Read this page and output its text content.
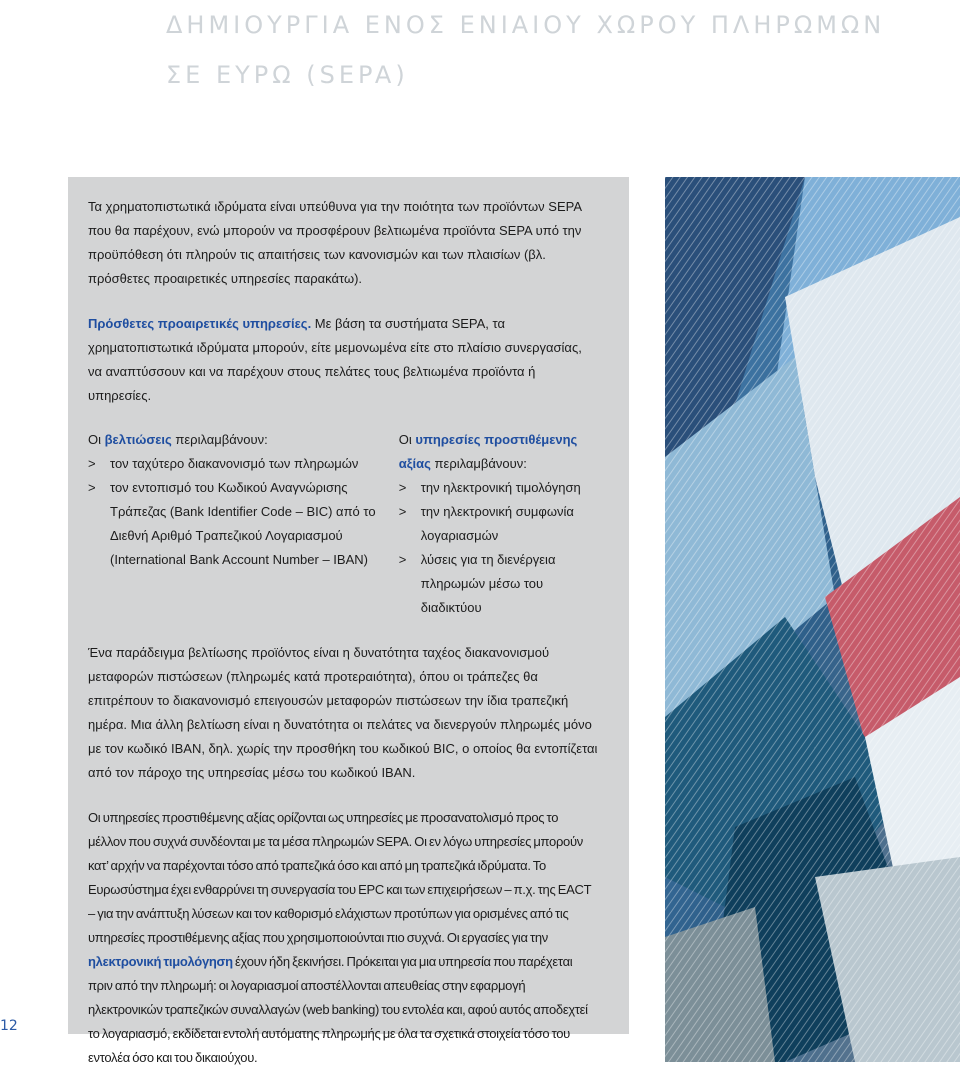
ΔΗΜΙΟΥΡΓΙΑ ΕΝΟΣ ΕΝΙΑΙΟΥ ΧΩΡΟΥ ΠΛΗΡΩΜΩΝ ΣΕ ΕΥΡΩ (SEPA)

Τα χρηματοπιστωτικά ιδρύματα είναι υπεύθυνα για την ποιότητα των προϊόντων SEPA που θα παρέχουν, ενώ μπορούν να προσφέρουν βελτιωμένα προϊόντα SEPA υπό την προϋπόθεση ότι πληρούν τις απαιτήσεις των κανονισμών και των πλαισίων (βλ. πρόσθετες προαιρετικές υπηρεσίες παρακάτω).

Πρόσθετες προαιρετικές υπηρεσίες. Με βάση τα συστήματα SEPA, τα χρηματοπιστωτικά ιδρύματα μπορούν, είτε μεμονωμένα είτε στο πλαίσιο συνεργασίας, να αναπτύσσουν και να παρέχουν στους πελάτες τους βελτιωμένα προϊόντα ή υπηρεσίες.

Οι βελτιώσεις περιλαμβάνουν:

> τον ταχύτερο διακανονισμό των πληρωμών
> τον εντοπισμό του Κωδικού Αναγνώρισης Τράπεζας (Bank Identifier Code – BIC) από το Διεθνή Αριθμό Τραπεζικού Λογαριασμού (International Bank Account Number – IBAN)

Οι υπηρεσίες προστιθέμενης αξίας περιλαμβάνουν:

> την ηλεκτρονική τιμολόγηση
> την ηλεκτρονική συμφωνία λογαριασμών
> λύσεις για τη διενέργεια πληρωμών μέσω του διαδικτύου

Ένα παράδειγμα βελτίωσης προϊόντος είναι η δυνατότητα ταχέος διακανονισμού μεταφορών πιστώσεων (πληρωμές κατά προτεραιότητα), όπου οι τράπεζες θα επιτρέπουν το διακανονισμό επειγουσών μεταφορών πιστώσεων την ίδια τραπεζική ημέρα. Μια άλλη βελτίωση είναι η δυνατότητα οι πελάτες να διενεργούν πληρωμές μόνο με τον κωδικό IBAN, δηλ. χωρίς την προσθήκη του κωδικού BIC, ο οποίος θα εντοπίζεται από τον πάροχο της υπηρεσίας μέσω του κωδικού IBAN.

Οι υπηρεσίες προστιθέμενης αξίας ορίζονται ως υπηρεσίες με προσανατολισμό προς το μέλλον που συχνά συνδέονται με τα μέσα πληρωμών SEPA. Οι εν λόγω υπηρεσίες μπορούν κατ’ αρχήν να παρέχονται τόσο από τραπεζικά όσο και από μη τραπεζικά ιδρύματα. Το Ευρωσύστημα έχει ενθαρρύνει τη συνεργασία του EPC και των επιχειρήσεων – π.χ. της EACT – για την ανάπτυξη λύσεων και τον καθορισμό ελάχιστων προτύπων για ορισμένες από τις υπηρεσίες προστιθέμενης αξίας που χρησιμοποιούνται πιο συχνά. Οι εργασίες για την ηλεκτρονική τιμολόγηση έχουν ήδη ξεκινήσει. Πρόκειται για μια υπηρεσία που παρέχεται πριν από την πληρωμή: οι λογαριασμοί αποστέλλονται απευθείας στην εφαρμογή ηλεκτρονικών τραπεζικών συναλλαγών (web banking) του εντολέα και, αφού αυτός αποδεχτεί το λογαριασμό, εκδίδεται εντολή αυτόματης πληρωμής με όλα τα σχετικά στοιχεία τόσο του εντολέα όσο και του δικαιούχου.

12
